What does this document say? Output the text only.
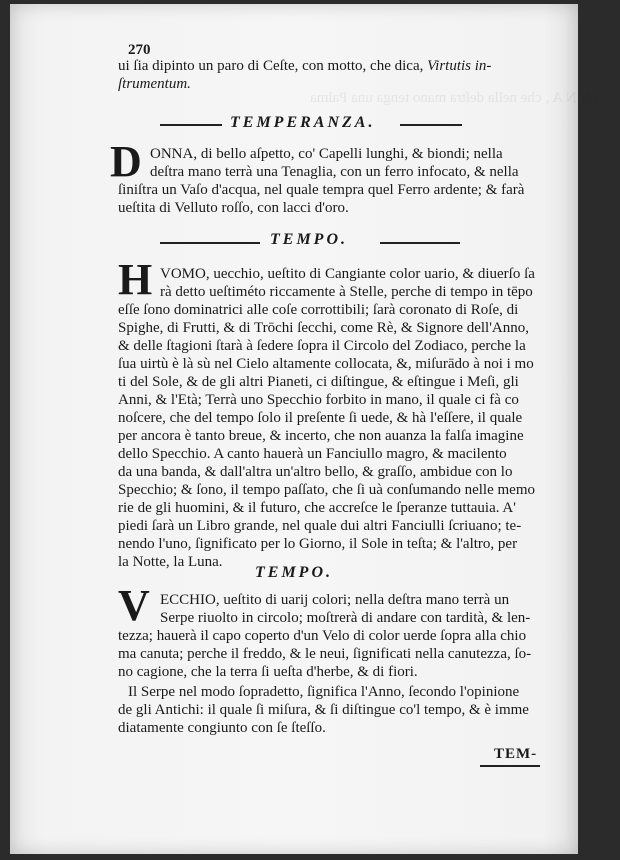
D O N N A , che nella deſtra mano tenga una Palma
270
ui ſia dipinto un paro di Ceſte, con motto, che dica, Virtutis in-
ſtrumentum.
TEMPERANZA.
D ONNA, di bello aſpetto, co' Capelli lunghi, & biondi; nella
deſtra mano terrà una Tenaglia, con un ferro infocato, & nella
ſiniſtra un Vaſo d'acqua, nel quale tempra quel Ferro ardente; & farà
ueſtita di Velluto roſſo, con lacci d'oro.
TEMPO.
H VOMO, uecchio, ueſtito di Cangiante color uario, & diuerſo ſa
rà detto ueſtiméto riccamente à Stelle, perche di tempo in tēpo
eſſe ſono dominatrici alle coſe corrottibili; ſarà coronato di Roſe, di
Spighe, di Frutti, & di Trōchi ſecchi, come Rè, & Signore dell'Anno,
& delle ſtagioni ſtarà à ſedere ſopra il Circolo del Zodiaco, perche la
ſua uirtù è là sù nel Cielo altamente collocata, &, miſurādo à noi i mo
ti del Sole, & de gli altri Pianeti, ci diſtingue, & eſtingue i Meſi, gli
Anni, & l'Età; Terrà uno Specchio forbito in mano, il quale ci fà co
noſcere, che del tempo ſolo il preſente ſi uede, & hà l'eſſere, il quale
per ancora è tanto breue, & incerto, che non auanza la falſa imagine
dello Specchio. A canto hauerà un Fanciullo magro, & macilento
da una banda, & dall'altra un'altro bello, & graſſo, ambidue con lo
Specchio; & ſono, il tempo paſſato, che ſi uà conſumando nelle memo
rie de gli huomini, & il futuro, che accreſce le ſperanze tuttauia. A'
piedi ſarà un Libro grande, nel quale dui altri Fanciulli ſcriuano; te-
nendo l'uno, ſignificato per lo Giorno, il Sole in teſta; & l'altro, per
la Notte, la Luna.
TEMPO.
V ECCHIO, ueſtito di uarij colori; nella deſtra mano terrà un
Serpe riuolto in circolo; moſtrerà di andare con tardità, & len-
tezza; hauerà il capo coperto d'un Velo di color uerde ſopra alla chio
ma canuta; perche il freddo, & le neui, ſignificati nella canutezza, ſo-
no cagione, che la terra ſi ueſta d'herbe, & di fiori.
Il Serpe nel modo ſopradetto, ſignifica l'Anno, ſecondo l'opinione
de gli Antichi: il quale ſi miſura, & ſi diſtingue co'l tempo, & è imme
diatamente congiunto con ſe ſteſſo.
TEM-
